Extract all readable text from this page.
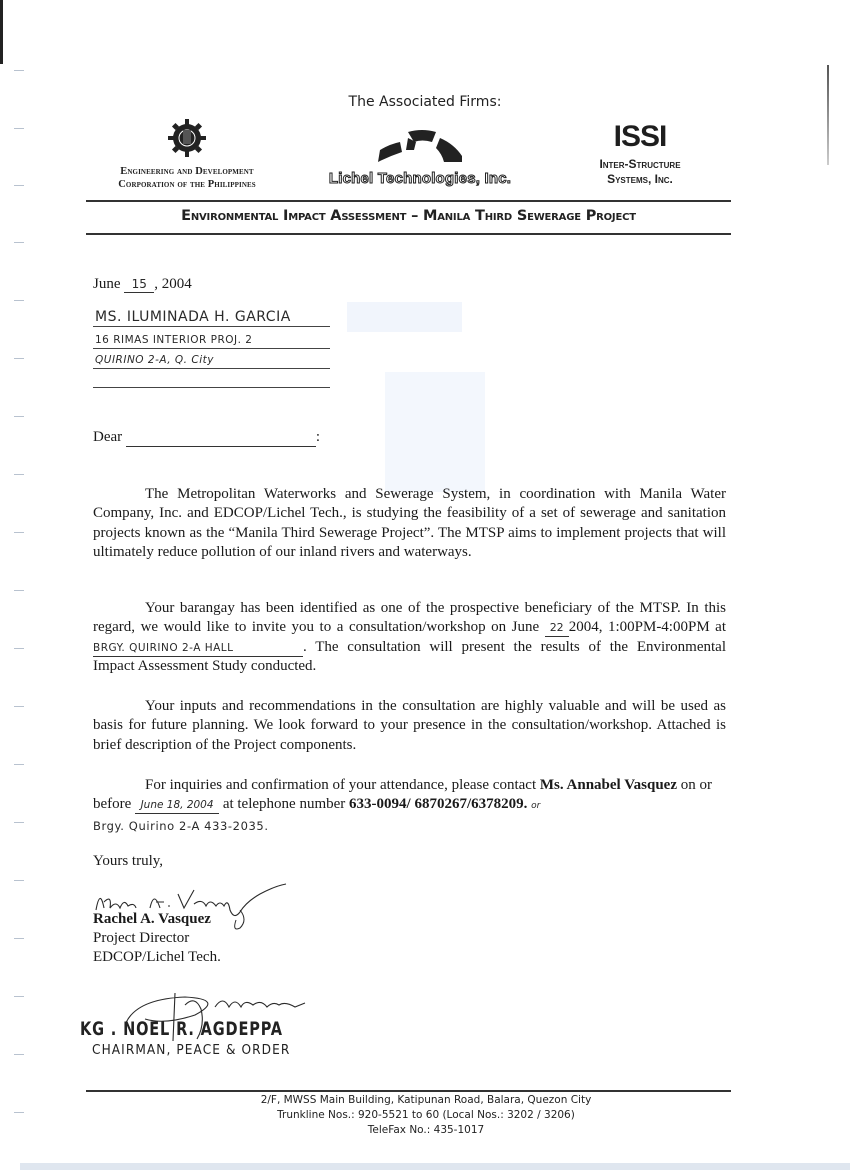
The Associated Firms:
Engineering and Development
Corporation of the Philippines	Lichel Technologies, Inc.
ISSI
Inter-Structure
Systems, Inc.
Environmental Impact Assessment – Manila Third Sewerage Project
June 15 , 2004
MS. ILUMINADA H. GARCIA
16 RIMAS INTERIOR PROJ. 2
QUIRINO 2-A, Q. City
Dear	:
The Metropolitan Waterworks and Sewerage System, in coordination with Manila Water Company, Inc. and EDCOP/Lichel Tech., is studying the feasibility of a set of sewerage and sanitation projects known as the “Manila Third Sewerage Project”. The MTSP aims to implement projects that will ultimately reduce pollution of our inland rivers and waterways.
Your barangay has been identified as one of the prospective beneficiary of the MTSP. In this regard, we would like to invite you to a consultation/workshop on June 22 2004, 1:00PM-4:00PM at BRGY. QUIRINO 2-A HALL	. The consultation will present the results of the Environmental Impact Assessment Study conducted.
Your inputs and recommendations in the consultation are highly valuable and will be used as basis for future planning. We look forward to your presence in the consultation/workshop. Attached is brief description of the Project components.
For inquiries and confirmation of your attendance, please contact Ms. Annabel Vasquez on or before June 18, 2004 at telephone number 633-0094/ 6870267/6378209. or
Brgy. Quirino 2-A 433-2035.
Yours truly,
Rachel A. Vasquez
Project Director
EDCOP/Lichel Tech.
KG . NOEL R. AGDEPPA
CHAIRMAN, PEACE & ORDER
2/F, MWSS Main Building, Katipunan Road, Balara, Quezon City
Trunkline Nos.: 920-5521 to 60 (Local Nos.: 3202 / 3206)
TeleFax No.: 435-1017
